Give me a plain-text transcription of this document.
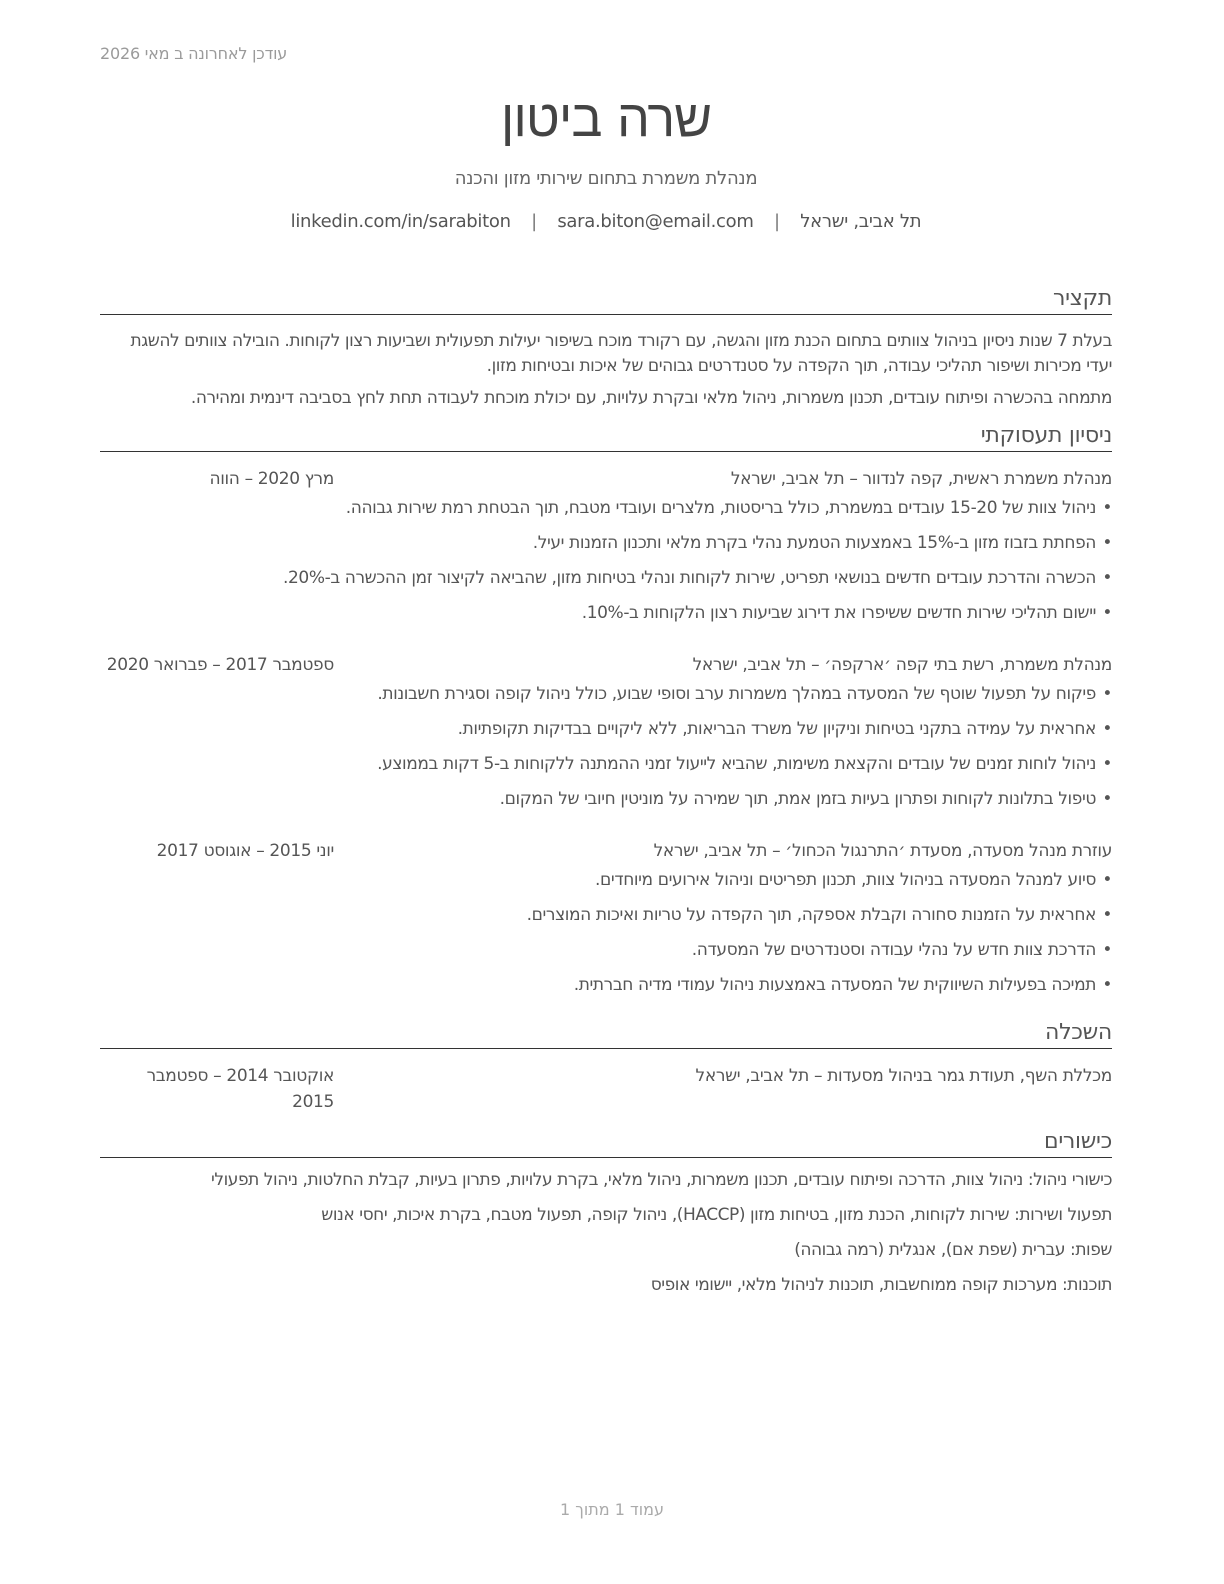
עודכן לאחרונה ב מאי 2026
שרה ביטון
מנהלת משמרת בתחום שירותי מזון והכנה
linkedin.com/in/sarabiton | sara.biton@email.com | תל אביב, ישראל
תקציר
בעלת 7 שנות ניסיון בניהול צוותים בתחום הכנת מזון והגשה, עם רקורד מוכח בשיפור יעילות תפעולית ושביעות רצון לקוחות. הובילה צוותים להשגת יעדי מכירות ושיפור תהליכי עבודה, תוך הקפדה על סטנדרטים גבוהים של איכות ובטיחות מזון.
מתמחה בהכשרה ופיתוח עובדים, תכנון משמרות, ניהול מלאי ובקרת עלויות, עם יכולת מוכחת לעבודה תחת לחץ בסביבה דינמית ומהירה.
ניסיון תעסוקתי
מנהלת משמרת ראשית, קפה לנדוור – תל אביב, ישראל
מרץ 2020 – הווה
• ניהול צוות של 15-20 עובדים במשמרת, כולל בריסטות, מלצרים ועובדי מטבח, תוך הבטחת רמת שירות גבוהה.
• הפחתת בזבוז מזון ב-15% באמצעות הטמעת נהלי בקרת מלאי ותכנון הזמנות יעיל.
• הכשרה והדרכת עובדים חדשים בנושאי תפריט, שירות לקוחות ונהלי בטיחות מזון, שהביאה לקיצור זמן ההכשרה ב-20%.
• יישום תהליכי שירות חדשים ששיפרו את דירוג שביעות רצון הלקוחות ב-10%.
מנהלת משמרת, רשת בתי קפה ׳ארקפה׳ – תל אביב, ישראל
ספטמבר 2017 – פברואר 2020
• פיקוח על תפעול שוטף של המסעדה במהלך משמרות ערב וסופי שבוע, כולל ניהול קופה וסגירת חשבונות.
• אחראית על עמידה בתקני בטיחות וניקיון של משרד הבריאות, ללא ליקויים בבדיקות תקופתיות.
• ניהול לוחות זמנים של עובדים והקצאת משימות, שהביא לייעול זמני ההמתנה ללקוחות ב-5 דקות בממוצע.
• טיפול בתלונות לקוחות ופתרון בעיות בזמן אמת, תוך שמירה על מוניטין חיובי של המקום.
עוזרת מנהל מסעדה, מסעדת ׳התרנגול הכחול׳ – תל אביב, ישראל
יוני 2015 – אוגוסט 2017
• סיוע למנהל המסעדה בניהול צוות, תכנון תפריטים וניהול אירועים מיוחדים.
• אחראית על הזמנות סחורה וקבלת אספקה, תוך הקפדה על טריות ואיכות המוצרים.
• הדרכת צוות חדש על נהלי עבודה וסטנדרטים של המסעדה.
• תמיכה בפעילות השיווקית של המסעדה באמצעות ניהול עמודי מדיה חברתית.
השכלה
מכללת השף, תעודת גמר בניהול מסעדות – תל אביב, ישראל
אוקטובר 2014 – ספטמבר 2015
כישורים
כישורי ניהול: ניהול צוות, הדרכה ופיתוח עובדים, תכנון משמרות, ניהול מלאי, בקרת עלויות, פתרון בעיות, קבלת החלטות, ניהול תפעולי
תפעול ושירות: שירות לקוחות, הכנת מזון, בטיחות מזון (HACCP), ניהול קופה, תפעול מטבח, בקרת איכות, יחסי אנוש
שפות: עברית (שפת אם), אנגלית (רמה גבוהה)
תוכנות: מערכות קופה ממוחשבות, תוכנות לניהול מלאי, יישומי אופיס
עמוד 1 מתוך 1
